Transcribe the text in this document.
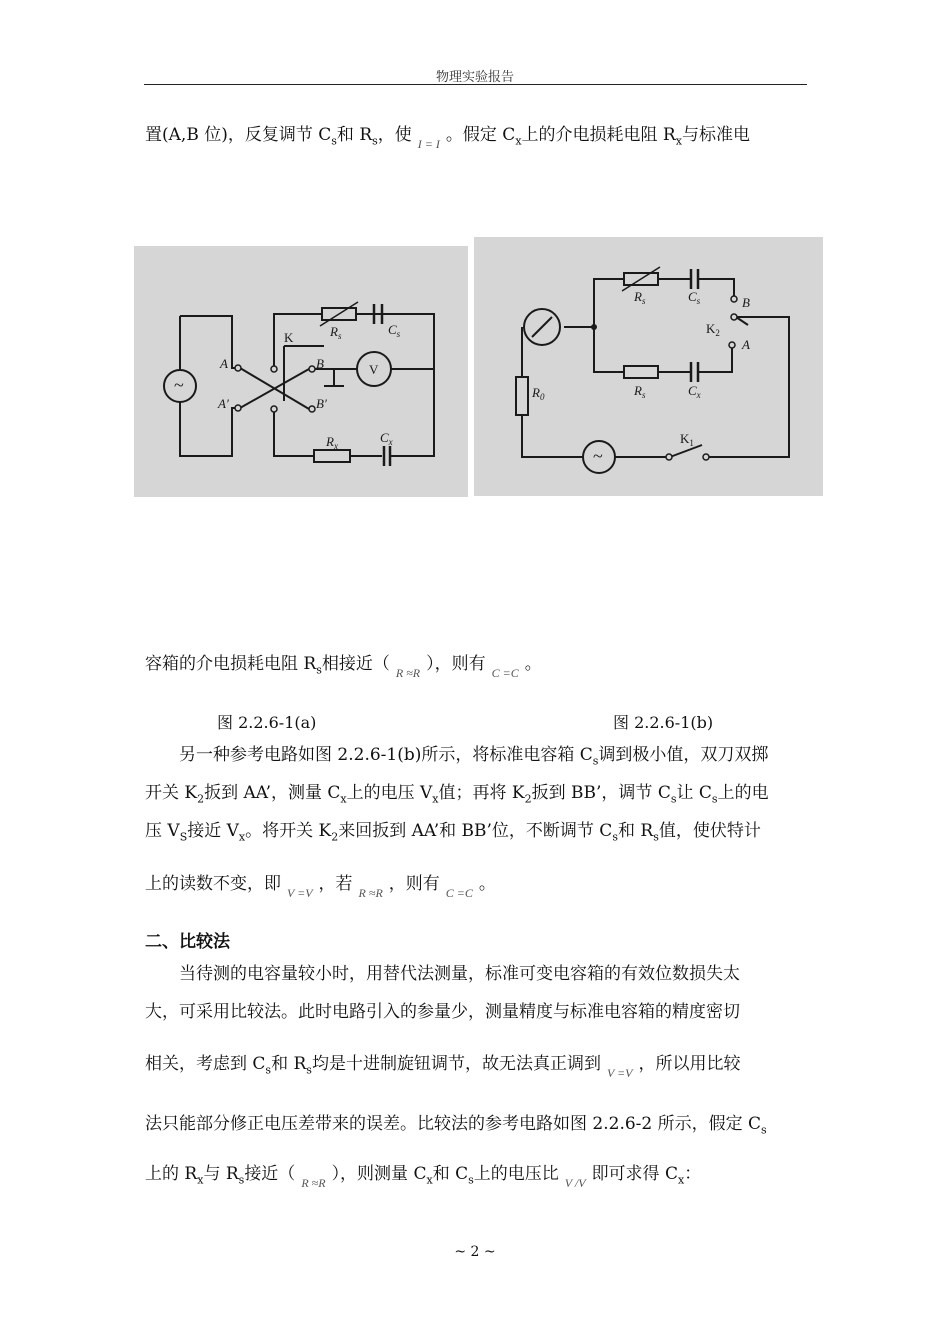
物理实验报告
置(A,B 位)，反复调节 $C_s$和 $R_s$，使 $_{I = I}$ 。假定 $C_x$上的介电损耗电阻 $R_x$与标准电
~
A
A′
B
B′
K
V
$R_s$	$C_s$
$R_x$
$C_x$
~
B
A
$K_2$
$K_1$
$R_s$	$C_s$
$R_s$	$C_x$
$R_0$
容箱的介电损耗电阻 $R_s$相接近（ $_{R \approx R}$ ），则有 $_{C =C}$ 。
图 2.2.6-1(a)	图 2.2.6-1(b)
另一种参考电路如图 2.2.6-1(b)所示，将标准电容箱 $C_s$调到极小值，双刀双掷
开关 $K_2$扳到 AA’，测量 $C_x$上的电压 $V_x$值；再将 $K_2$扳到 BB’，调节 $C_s$让 $C_s$上的电
压 $V_S$接近 $V_x$。将开关 $K_2$来回扳到 AA’和 BB’位，不断调节 $C_s$和 $R_s$值，使伏特计
上的读数不变，即 $_{V =V}$ ，若 $_{R \approx R}$ ，则有 $_{C =C}$ 。
二、比较法
当待测的电容量较小时，用替代法测量，标准可变电容箱的有效位数损失太
大，可采用比较法。此时电路引入的参量少，测量精度与标准电容箱的精度密切
相关，考虑到 $C_s$和 $R_s$均是十进制旋钮调节，故无法真正调到 $_{V =V}$ ，所以用比较
法只能部分修正电压差带来的误差。比较法的参考电路如图 2.2.6-2 所示，假定 $C_s$
上的 $R_x$与 $R_s$接近（ $_{R \approx R}$ ），则测量 $C_x$和 $C_s$上的电压比 $_{V /V}$ 即可求得 $C_x$：
~ 2 ~
